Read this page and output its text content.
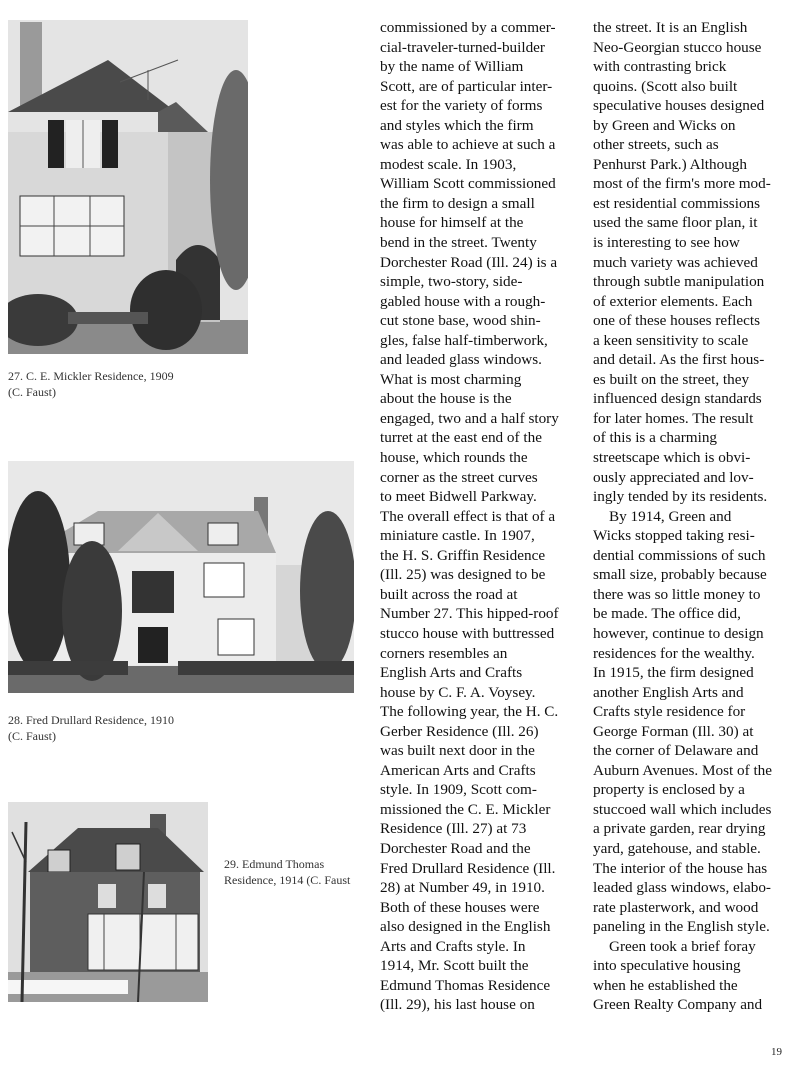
27. C. E. Mickler Residence, 1909
(C. Faust)
28. Fred Drullard Residence, 1910
(C. Faust)
29. Edmund Thomas
Residence, 1914 (C. Faust
commissioned by a commer-
cial-traveler-turned-builder
by the name of William
Scott, are of particular inter-
est for the variety of forms
and styles which the firm
was able to achieve at such a
modest scale. In 1903,
William Scott commissioned
the firm to design a small
house for himself at the
bend in the street. Twenty
Dorchester Road (Ill. 24) is a
simple, two-story, side-
gabled house with a rough-
cut stone base, wood shin-
gles, false half-timberwork,
and leaded glass windows.
What is most charming
about the house is the
engaged, two and a half story
turret at the east end of the
house, which rounds the
corner as the street curves
to meet Bidwell Parkway.
The overall effect is that of a
miniature castle. In 1907,
the H. S. Griffin Residence
(Ill. 25) was designed to be
built across the road at
Number 27. This hipped-roof
stucco house with buttressed
corners resembles an
English Arts and Crafts
house by C. F. A. Voysey.
The following year, the H. C.
Gerber Residence (Ill. 26)
was built next door in the
American Arts and Crafts
style. In 1909, Scott com-
missioned the C. E. Mickler
Residence (Ill. 27) at 73
Dorchester Road and the
Fred Drullard Residence (Ill.
28) at Number 49, in 1910.
Both of these houses were
also designed in the English
Arts and Crafts style. In
1914, Mr. Scott built the
Edmund Thomas Residence
(Ill. 29), his last house on
the street. It is an English
Neo-Georgian stucco house
with contrasting brick
quoins. (Scott also built
speculative houses designed
by Green and Wicks on
other streets, such as
Penhurst Park.) Although
most of the firm's more mod-
est residential commissions
used the same floor plan, it
is interesting to see how
much variety was achieved
through subtle manipulation
of exterior elements. Each
one of these houses reflects
a keen sensitivity to scale
and detail. As the first hous-
es built on the street, they
influenced design standards
for later homes. The result
of this is a charming
streetscape which is obvi-
ously appreciated and lov-
ingly tended by its residents.
By 1914, Green and
Wicks stopped taking resi-
dential commissions of such
small size, probably because
there was so little money to
be made. The office did,
however, continue to design
residences for the wealthy.
In 1915, the firm designed
another English Arts and
Crafts style residence for
George Forman (Ill. 30) at
the corner of Delaware and
Auburn Avenues. Most of the
property is enclosed by a
stuccoed wall which includes
a private garden, rear drying
yard, gatehouse, and stable.
The interior of the house has
leaded glass windows, elabo-
rate plasterwork, and wood
paneling in the English style.
Green took a brief foray
into speculative housing
when he established the
Green Realty Company and
19
